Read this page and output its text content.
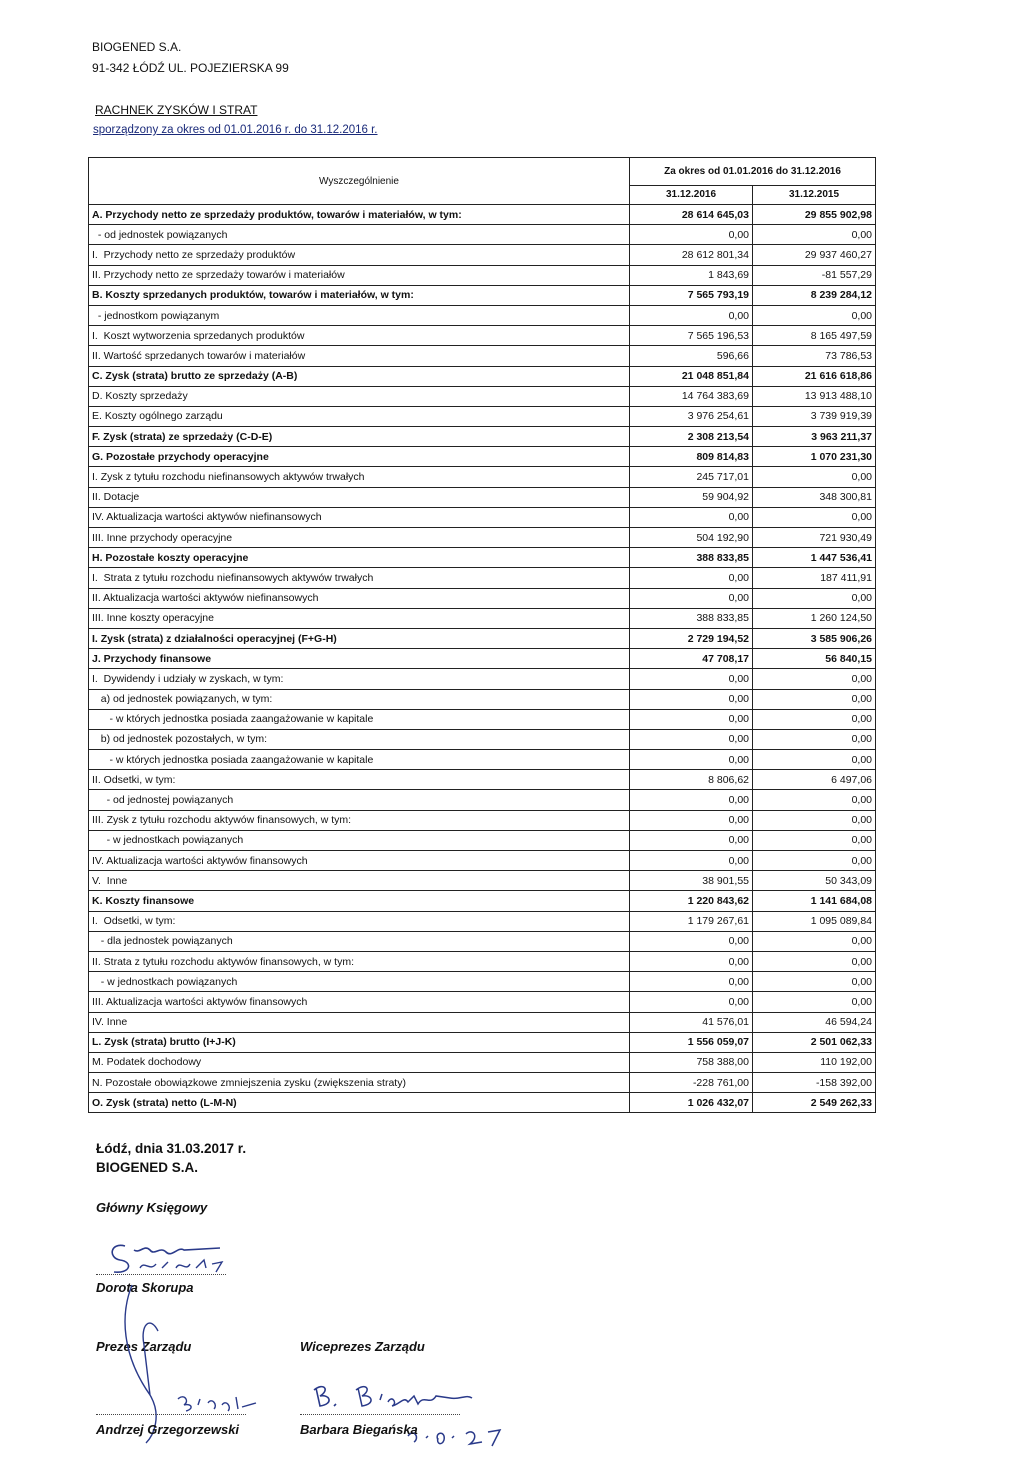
BIOGENED S.A.
91-342 ŁÓDŹ UL. POJEZIERSKA 99
RACHNEK ZYSKÓW I STRAT
sporządzony za okres od 01.01.2016 r. do 31.12.2016 r.
Wyszczególnienie	Za okres od 01.01.2016 do 31.12.2016	
	31.12.2016	31.12.2015
A. Przychody netto ze sprzedaży produktów, towarów i materiałów, w tym:	28 614 645,03	29 855 902,98
- od jednostek powiązanych	0,00	0,00
I.  Przychody netto ze sprzedaży produktów	28 612 801,34	29 937 460,27
II. Przychody netto ze sprzedaży towarów i materiałów	1 843,69	-81 557,29
B. Koszty sprzedanych produktów, towarów i materiałów, w tym:	7 565 793,19	8 239 284,12
- jednostkom powiązanym	0,00	0,00
I.  Koszt wytworzenia sprzedanych produktów	7 565 196,53	8 165 497,59
II. Wartość sprzedanych towarów i materiałów	596,66	73 786,53
C. Zysk (strata) brutto ze sprzedaży (A-B)	21 048 851,84	21 616 618,86
D. Koszty sprzedaży	14 764 383,69	13 913 488,10
E. Koszty ogólnego zarządu	3 976 254,61	3 739 919,39
F. Zysk (strata) ze sprzedaży (C-D-E)	2 308 213,54	3 963 211,37
G. Pozostałe przychody operacyjne	809 814,83	1 070 231,30
I. Zysk z tytułu rozchodu niefinansowych aktywów trwałych	245 717,01	0,00
II. Dotacje	59 904,92	348 300,81
IV. Aktualizacja wartości aktywów niefinansowych	0,00	0,00
III. Inne przychody operacyjne	504 192,90	721 930,49
H. Pozostałe koszty operacyjne	388 833,85	1 447 536,41
I.  Strata z tytułu rozchodu niefinansowych aktywów trwałych	0,00	187 411,91
II. Aktualizacja wartości aktywów niefinansowych	0,00	0,00
III. Inne koszty operacyjne	388 833,85	1 260 124,50
I. Zysk (strata) z działalności operacyjnej (F+G-H)	2 729 194,52	3 585 906,26
J. Przychody finansowe	47 708,17	56 840,15
I.  Dywidendy i udziały w zyskach, w tym:	0,00	0,00
a) od jednostek powiązanych, w tym:	0,00	0,00
- w których jednostka posiada zaangażowanie w kapitale	0,00	0,00
b) od jednostek pozostałych, w tym:	0,00	0,00
- w których jednostka posiada zaangażowanie w kapitale	0,00	0,00
II. Odsetki, w tym:	8 806,62	6 497,06
- od jednostej powiązanych	0,00	0,00
III. Zysk z tytułu rozchodu aktywów finansowych, w tym:	0,00	0,00
- w jednostkach powiązanych	0,00	0,00
IV. Aktualizacja wartości aktywów finansowych	0,00	0,00
V.  Inne	38 901,55	50 343,09
K. Koszty finansowe	1 220 843,62	1 141 684,08
I.  Odsetki, w tym:	1 179 267,61	1 095 089,84
- dla jednostek powiązanych	0,00	0,00
II. Strata z tytułu rozchodu aktywów finansowych, w tym:	0,00	0,00
- w jednostkach powiązanych	0,00	0,00
III. Aktualizacja wartości aktywów finansowych	0,00	0,00
IV. Inne	41 576,01	46 594,24
L. Zysk (strata) brutto (I+J-K)	1 556 059,07	2 501 062,33
M. Podatek dochodowy	758 388,00	110 192,00
N. Pozostałe obowiązkowe zmniejszenia zysku (zwiększenia straty)	-228 761,00	-158 392,00
O. Zysk (strata) netto (L-M-N)	1 026 432,07	2 549 262,33
Łódź, dnia 31.03.2017 r.
BIOGENED S.A.
Główny Księgowy
Dorota Skorupa
Prezes Zarządu
Andrzej Grzegorzewski
Wiceprezes Zarządu
Barbara Biegańska
